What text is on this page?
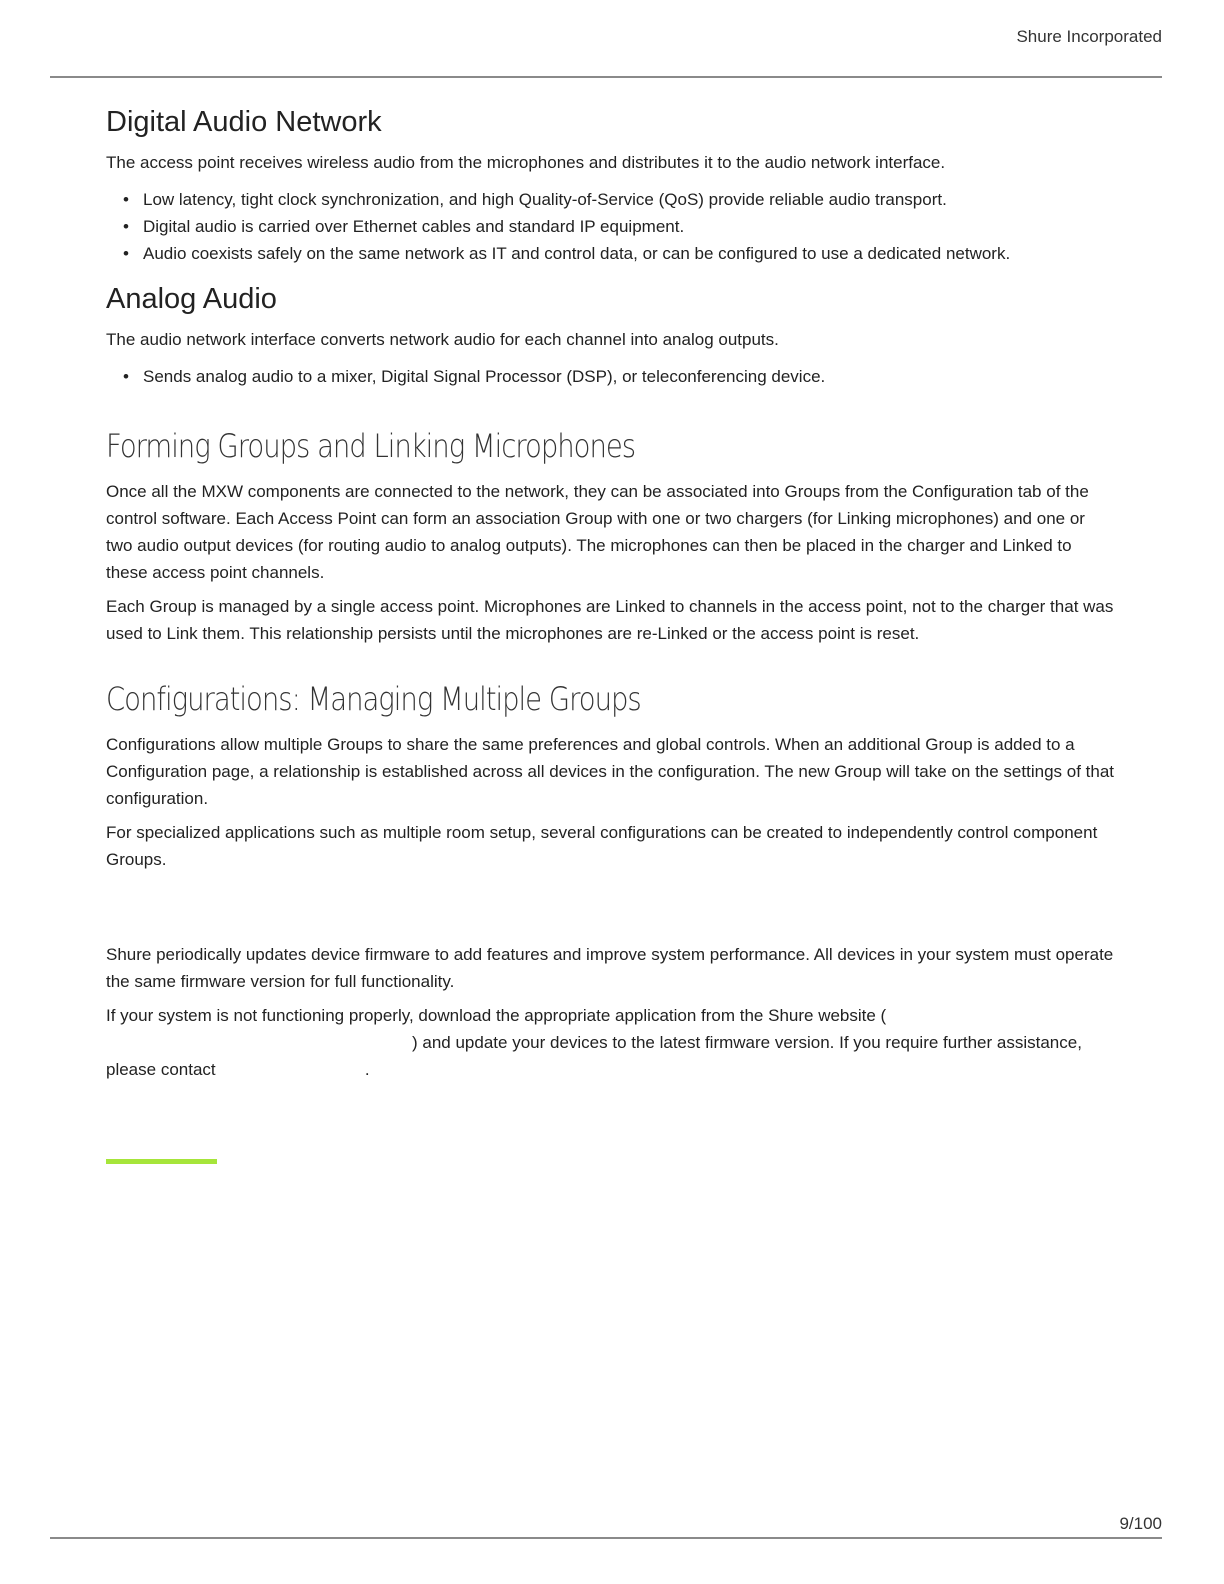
Shure Incorporated
Digital Audio Network

The access point receives wireless audio from the microphones and distributes it to the audio network interface.

• Low latency, tight clock synchronization, and high Quality-of-Service (QoS) provide reliable audio transport.
• Digital audio is carried over Ethernet cables and standard IP equipment.
• Audio coexists safely on the same network as IT and control data, or can be configured to use a dedicated network.
Analog Audio

The audio network interface converts network audio for each channel into analog outputs.

• Sends analog audio to a mixer, Digital Signal Processor (DSP), or teleconferencing device.
Forming Groups and Linking Microphones

Once all the MXW components are connected to the network, they can be associated into Groups from the Configuration tab of the control software. Each Access Point can form an association Group with one or two chargers (for Linking microphones) and one or two audio output devices (for routing audio to analog outputs). The microphones can then be placed in the charger and Linked to these access point channels.

Each Group is managed by a single access point. Microphones are Linked to channels in the access point, not to the charger that was used to Link them. This relationship persists until the microphones are re-Linked or the access point is reset.

Configurations: Managing Multiple Groups

Configurations allow multiple Groups to share the same preferences and global controls. When an additional Group is added to a Configuration page, a relationship is established across all devices in the configuration. The new Group will take on the settings of that configuration.

For specialized applications such as multiple room setup, several configurations can be created to independently control component Groups.

Shure periodically updates device firmware to add features and improve system performance. All devices in your system must operate the same firmware version for full functionality.

If your system is not functioning properly, download the appropriate application from the Shure website (
​xxxxxxxxxxxxxxxxxxxxxxxxxxxxxxxxxxxx) and update your devices to the latest firmware version. If you require further assistance, please contact xxxxxxxxxxxxxxxxx.

9/100
